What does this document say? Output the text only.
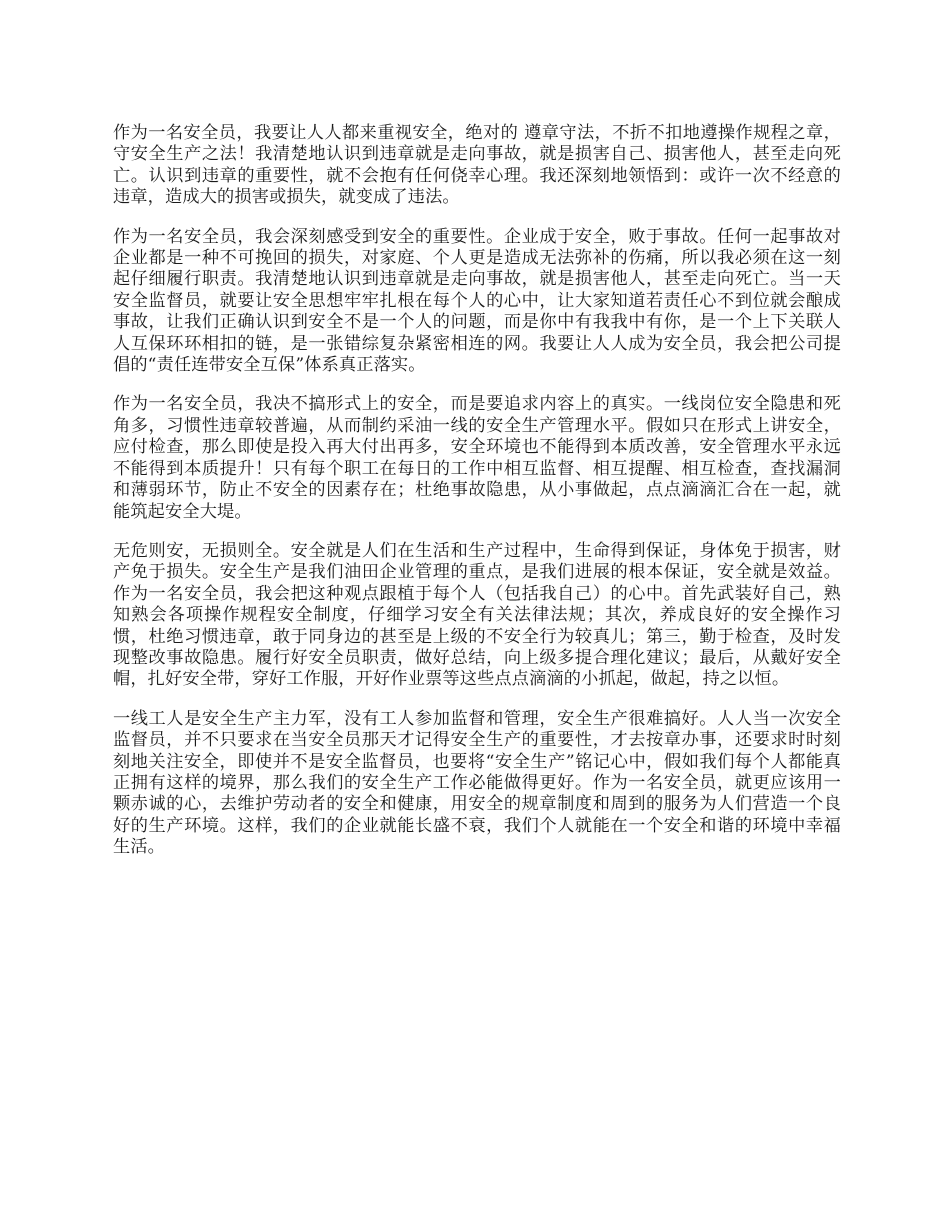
作为一名安全员，我要让人人都来重视安全，绝对的 遵章守法，不折不扣地遵操作规程之章，守安全生产之法！我清楚地认识到违章就是走向事故，就是损害自己、损害他人，甚至走向死亡。认识到违章的重要性，就不会抱有任何侥幸心理。我还深刻地领悟到：或许一次不经意的违章，造成大的损害或损失，就变成了违法。

作为一名安全员，我会深刻感受到安全的重要性。企业成于安全，败于事故。任何一起事故对企业都是一种不可挽回的损失，对家庭、个人更是造成无法弥补的伤痛，所以我必须在这一刻起仔细履行职责。我清楚地认识到违章就是走向事故，就是损害他人，甚至走向死亡。当一天安全监督员，就要让安全思想牢牢扎根在每个人的心中，让大家知道若责任心不到位就会酿成事故，让我们正确认识到安全不是一个人的问题，而是你中有我我中有你，是一个上下关联人人互保环环相扣的链，是一张错综复杂紧密相连的网。我要让人人成为安全员，我会把公司提倡的“责任连带安全互保”体系真正落实。

作为一名安全员，我决不搞形式上的安全，而是要追求内容上的真实。一线岗位安全隐患和死角多，习惯性违章较普遍，从而制约采油一线的安全生产管理水平。假如只在形式上讲安全，应付检查，那么即使是投入再大付出再多，安全环境也不能得到本质改善，安全管理水平永远不能得到本质提升！只有每个职工在每日的工作中相互监督、相互提醒、相互检查，查找漏洞和薄弱环节，防止不安全的因素存在；杜绝事故隐患，从小事做起，点点滴滴汇合在一起，就能筑起安全大堤。

无危则安，无损则全。安全就是人们在生活和生产过程中，生命得到保证，身体免于损害，财产免于损失。安全生产是我们油田企业管理的重点，是我们进展的根本保证，安全就是效益。 作为一名安全员，我会把这种观点跟植于每个人（包括我自己）的心中。首先武装好自己，熟知熟会各项操作规程安全制度，仔细学习安全有关法律法规；其次，养成良好的安全操作习惯，杜绝习惯违章，敢于同身边的甚至是上级的不安全行为较真儿；第三，勤于检查，及时发现整改事故隐患。履行好安全员职责，做好总结，向上级多提合理化建议；最后，从戴好安全帽，扎好安全带，穿好工作服，开好作业票等这些点点滴滴的小抓起，做起，持之以恒。

一线工人是安全生产主力军，没有工人参加监督和管理，安全生产很难搞好。人人当一次安全监督员，并不只要求在当安全员那天才记得安全生产的重要性，才去按章办事，还要求时时刻刻地关注安全，即使并不是安全监督员，也要将“安全生产”铭记心中，假如我们每个人都能真正拥有这样的境界，那么我们的安全生产工作必能做得更好。作为一名安全员，就更应该用一颗赤诚的心，去维护劳动者的安全和健康，用安全的规章制度和周到的服务为人们营造一个良好的生产环境。这样，我们的企业就能长盛不衰，我们个人就能在一个安全和谐的环境中幸福生活。
